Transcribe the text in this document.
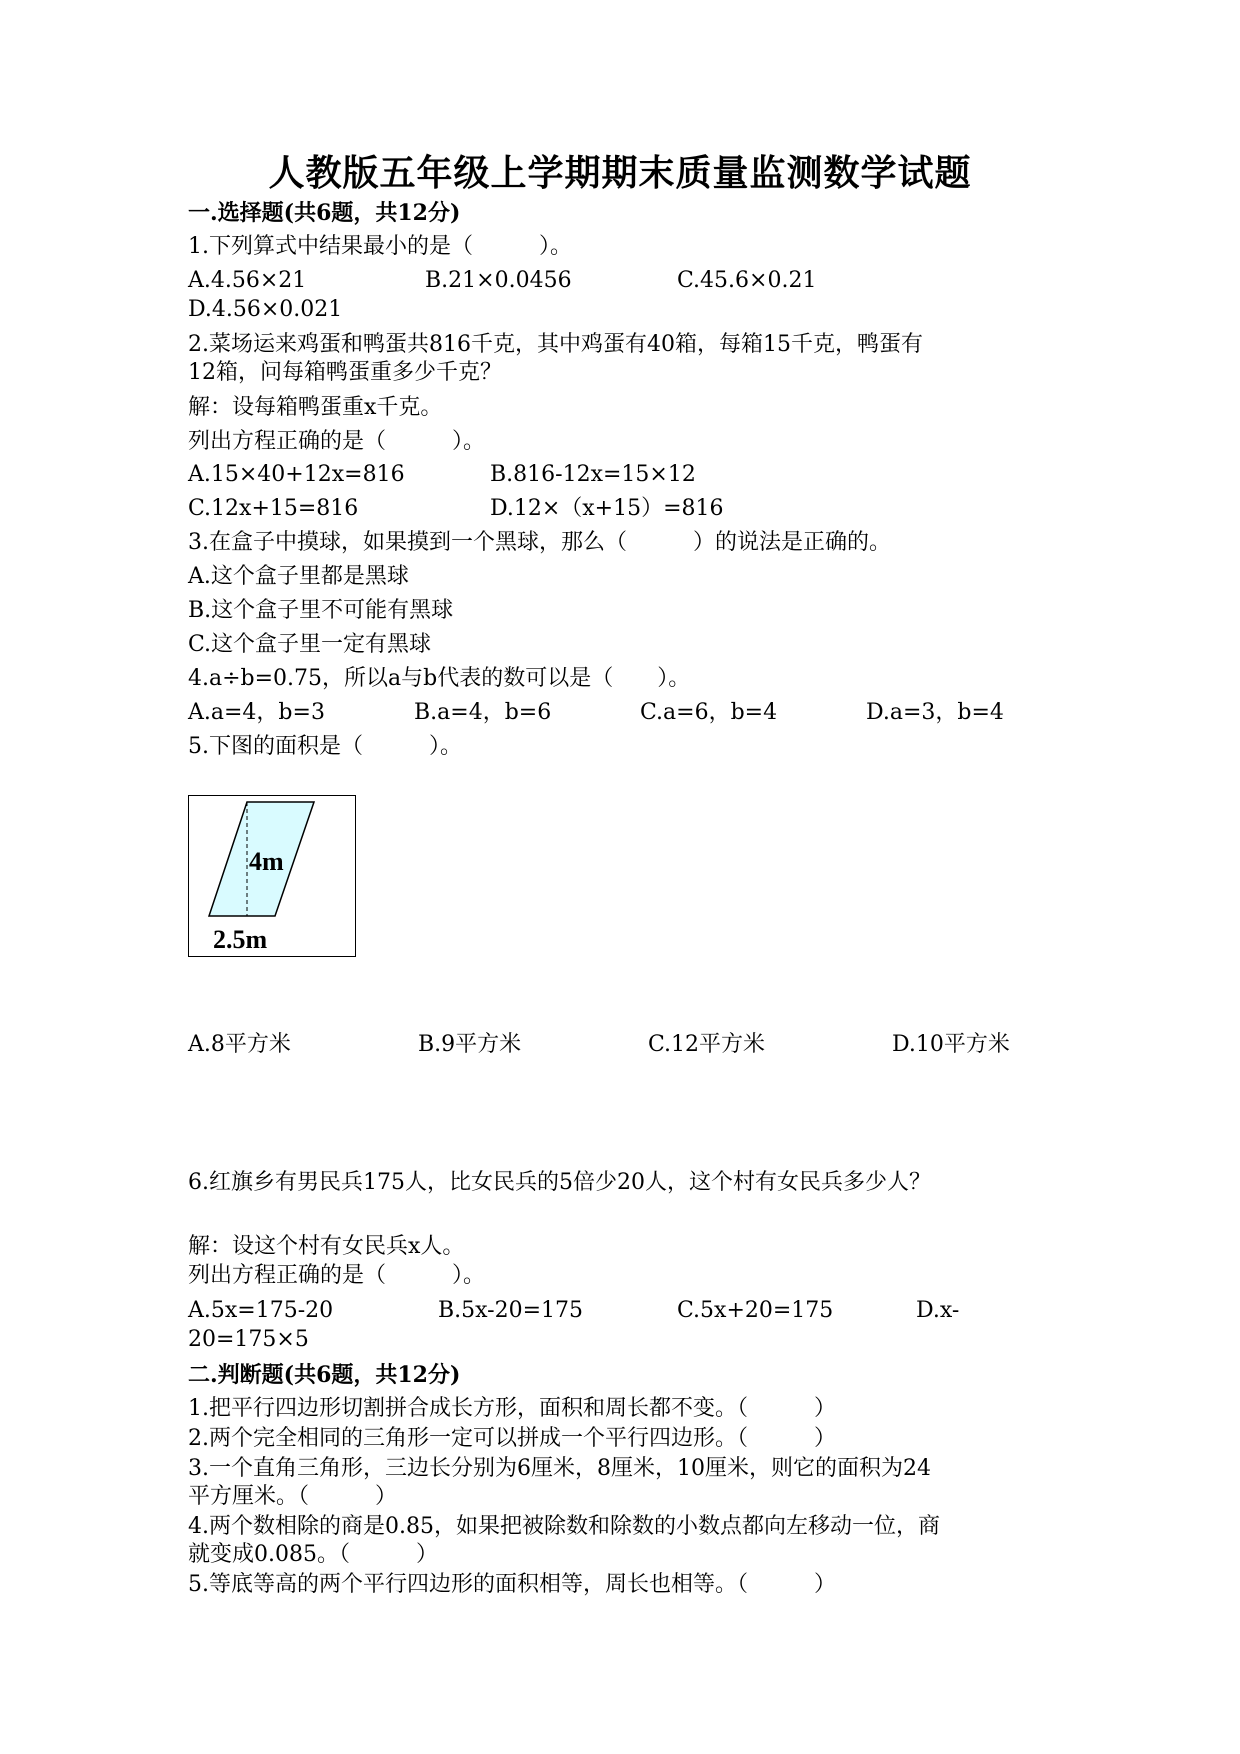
人教版五年级上学期期末质量监测数学试题
一.选择题(共6题，共12分)
1.下列算式中结果最小的是（　　　）。
A.4.56×21	B.21×0.0456	C.45.6×0.21
D.4.56×0.021
2.菜场运来鸡蛋和鸭蛋共816千克，其中鸡蛋有40箱，每箱15千克，鸭蛋有
12箱，问每箱鸭蛋重多少千克？
解：设每箱鸭蛋重x千克。
列出方程正确的是（　　　）。
A.15×40+12x=816	B.816-12x=15×12
C.12x+15=816	D.12×（x+15）=816
3.在盒子中摸球，如果摸到一个黑球，那么（　　　）的说法是正确的。
A.这个盒子里都是黑球
B.这个盒子里不可能有黑球
C.这个盒子里一定有黑球
4.a÷b=0.75，所以a与b代表的数可以是（　　）。
A.a=4，b=3	B.a=4，b=6	C.a=6，b=4	D.a=3，b=4
5.下图的面积是（　　　）。
4m
2.5m
A.8平方米	B.9平方米	C.12平方米	D.10平方米
6.红旗乡有男民兵175人，比女民兵的5倍少20人，这个村有女民兵多少人？
解：设这个村有女民兵x人。
列出方程正确的是（　　　）。
A.5x=175-20	B.5x-20=175	C.5x+20=175	D.x-
20=175×5
二.判断题(共6题，共12分)
1.把平行四边形切割拼合成长方形，面积和周长都不变。（　　　）
2.两个完全相同的三角形一定可以拼成一个平行四边形。（　　　）
3.一个直角三角形，三边长分别为6厘米，8厘米，10厘米，则它的面积为24
平方厘米。（　　　）
4.两个数相除的商是0.85，如果把被除数和除数的小数点都向左移动一位，商
就变成0.085。（　　　）
5.等底等高的两个平行四边形的面积相等，周长也相等。（　　　）
